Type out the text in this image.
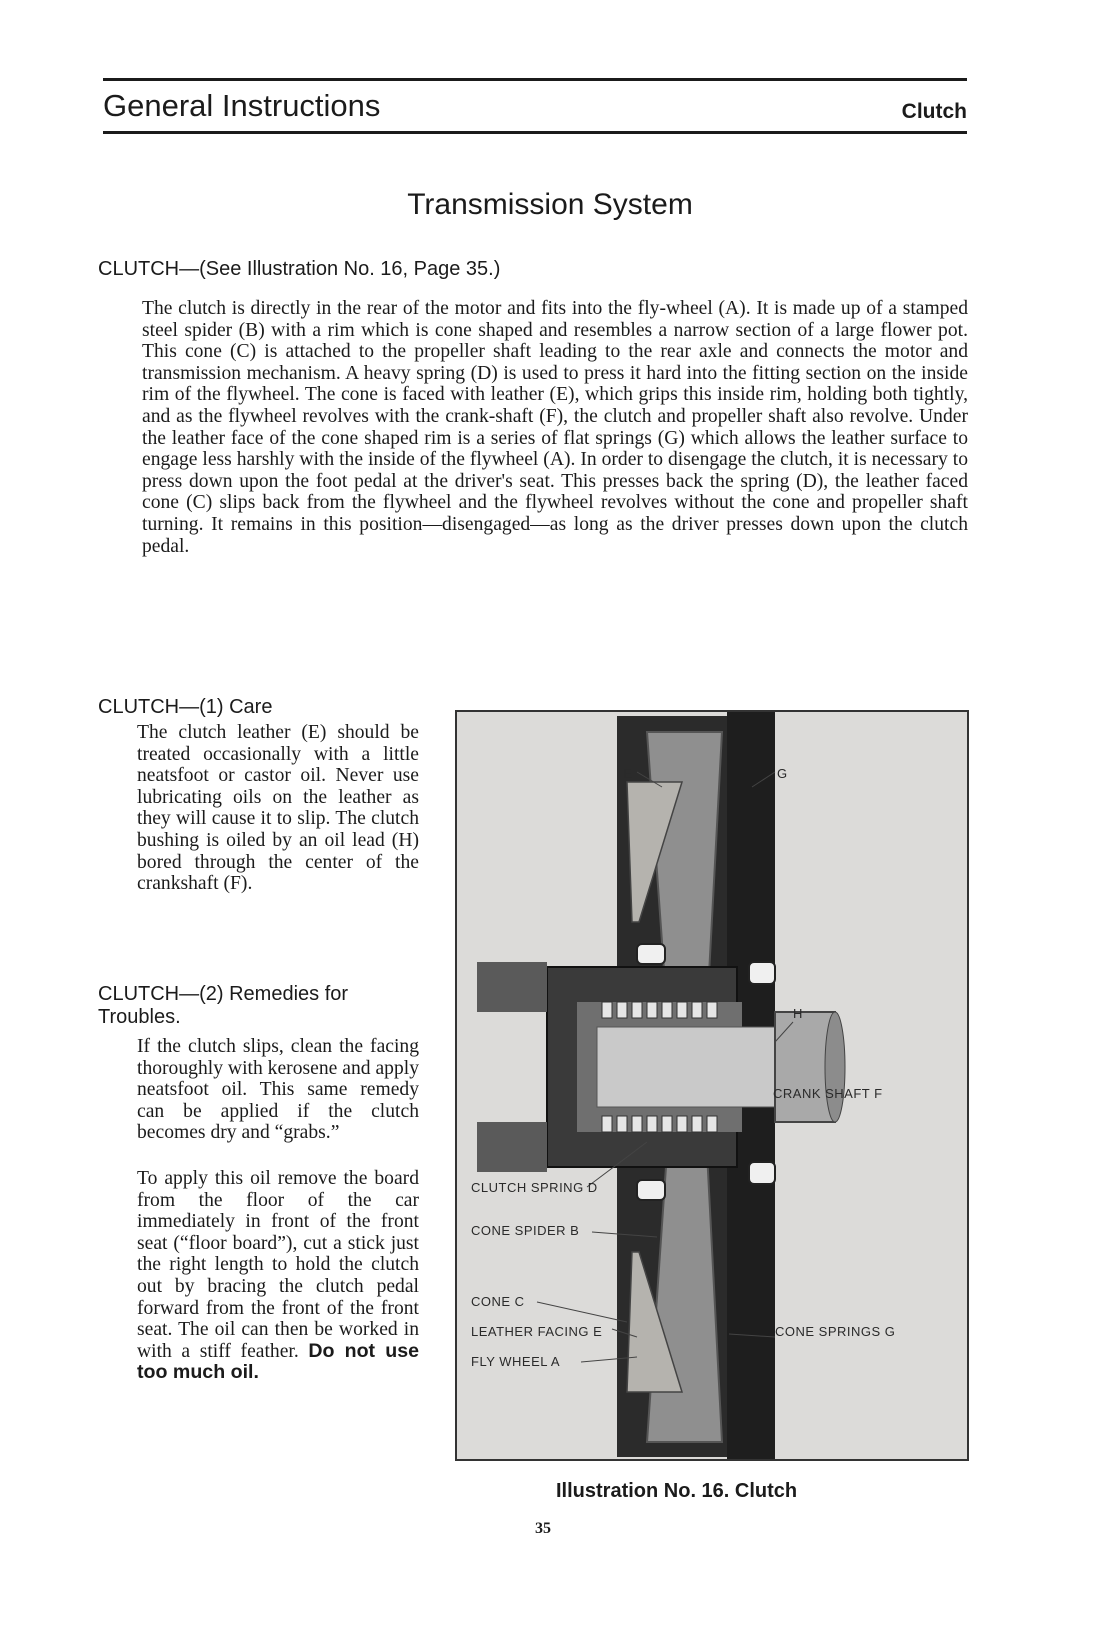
General Instructions	Clutch
Transmission System
CLUTCH—(See Illustration No. 16, Page 35.)
The clutch is directly in the rear of the motor and fits into the fly-wheel (A). It is made up of a stamped steel spider (B) with a rim which is cone shaped and resembles a narrow section of a large flower pot. This cone (C) is attached to the propeller shaft leading to the rear axle and connects the motor and transmission mechanism. A heavy spring (D) is used to press it hard into the fitting section on the inside rim of the flywheel. The cone is faced with leather (E), which grips this inside rim, holding both tightly, and as the flywheel revolves with the crank-shaft (F), the clutch and propeller shaft also revolve. Under the leather face of the cone shaped rim is a series of flat springs (G) which allows the leather surface to engage less harshly with the inside of the flywheel (A). In order to disengage the clutch, it is necessary to press down upon the foot pedal at the driver's seat. This presses back the spring (D), the leather faced cone (C) slips back from the flywheel and the flywheel revolves without the cone and propeller shaft turning. It remains in this position—disengaged—as long as the driver presses down upon the clutch pedal.
CLUTCH—(1) Care
The clutch leather (E) should be treated occasionally with a little neatsfoot or castor oil. Never use lubricating oils on the leather as they will cause it to slip. The clutch bushing is oiled by an oil lead (H) bored through the center of the crankshaft (F).
CLUTCH—(2) Remedies for Troubles.
If the clutch slips, clean the facing thoroughly with kerosene and apply neatsfoot oil. This same remedy can be applied if the clutch becomes dry and “grabs.”
To apply this oil remove the board from the floor of the car immediately in front of the front seat (“floor board”), cut a stick just the right length to hold the clutch out by bracing the clutch pedal forward from the front of the front seat. The oil can then be worked in with a stiff feather. Do not use too much oil.
E	G
H
CRANK SHAFT F
CLUTCH SPRING D
CONE SPIDER B
CONE C
LEATHER FACING E	CONE SPRINGS G
FLY WHEEL A
Illustration No. 16. Clutch
35
